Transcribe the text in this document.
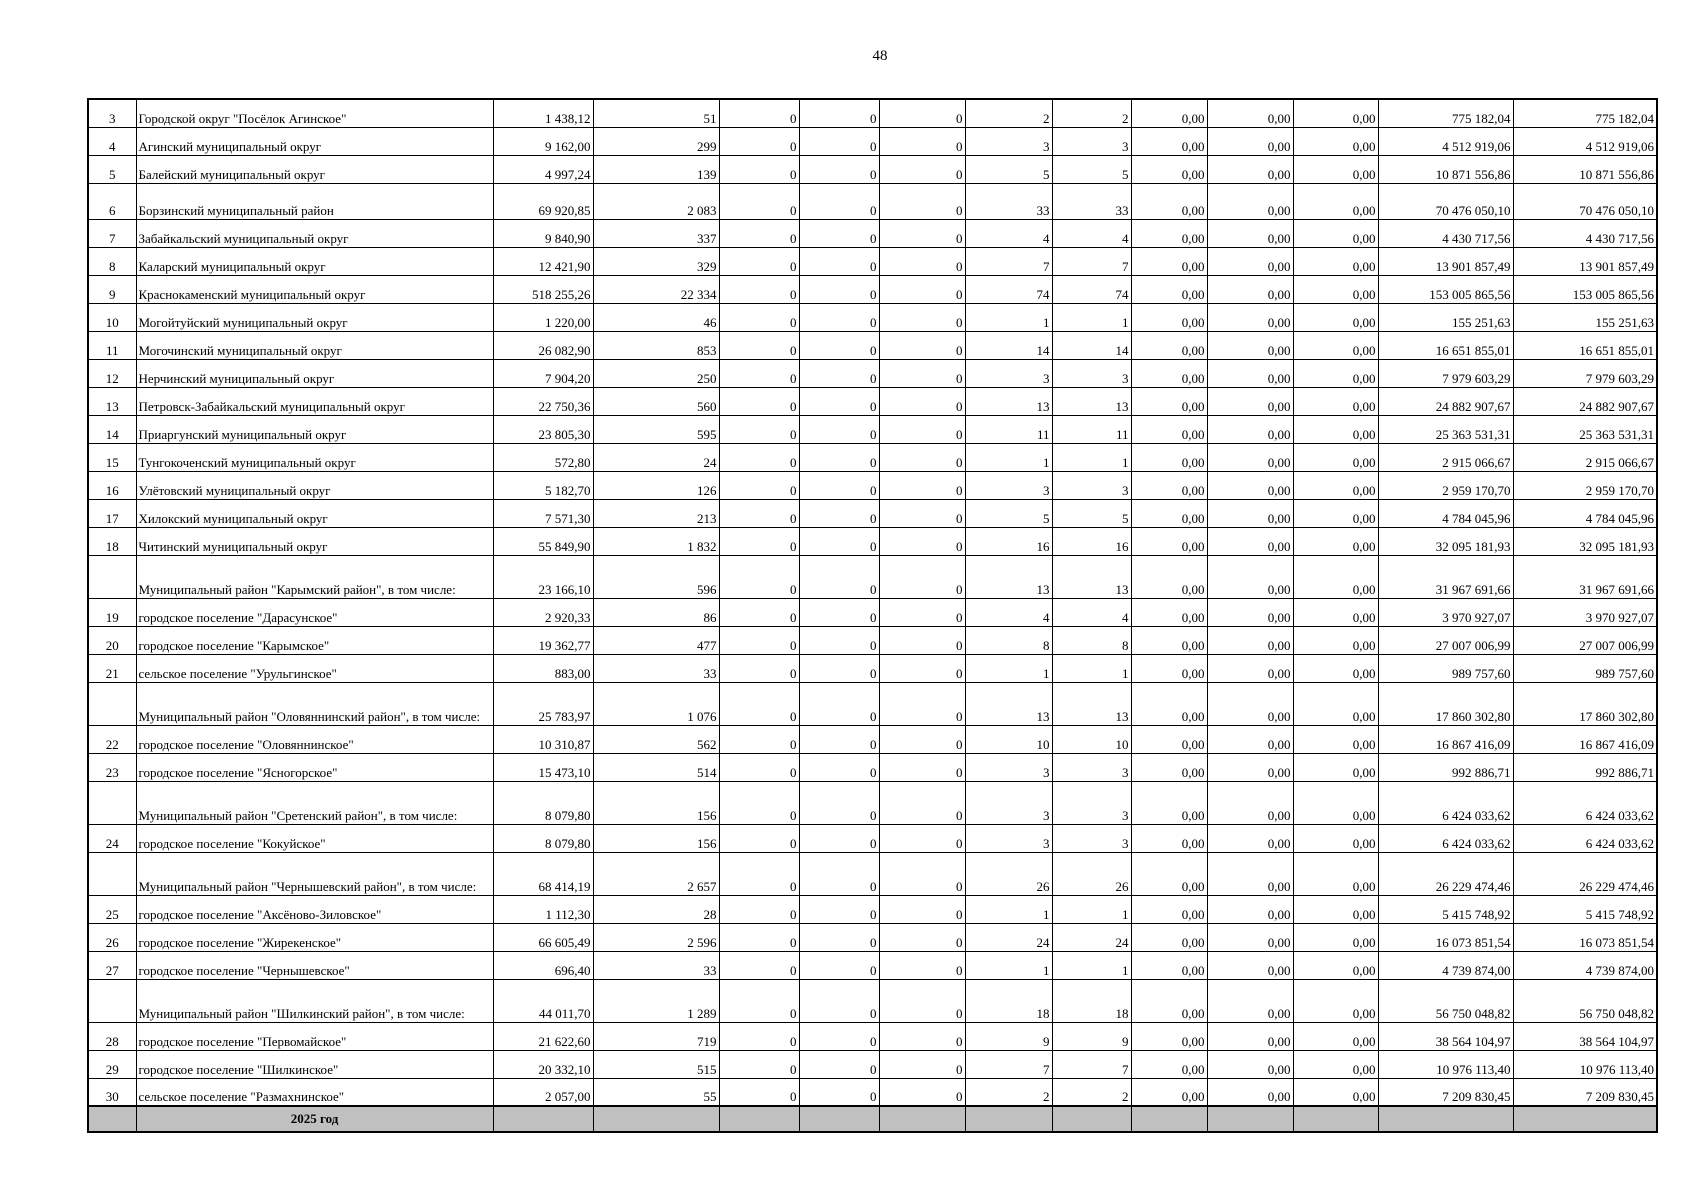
48
3	Городской округ "Посёлок Агинское"	1 438,12	51	0	0	0	2	2	0,00	0,00	0,00	775 182,04	775 182,04
4	Агинский муниципальный округ	9 162,00	299	0	0	0	3	3	0,00	0,00	0,00	4 512 919,06	4 512 919,06
5	Балейский муниципальный округ	4 997,24	139	0	0	0	5	5	0,00	0,00	0,00	10 871 556,86	10 871 556,86
6	Борзинский муниципальный район	69 920,85	2 083	0	0	0	33	33	0,00	0,00	0,00	70 476 050,10	70 476 050,10
7	Забайкальский муниципальный округ	9 840,90	337	0	0	0	4	4	0,00	0,00	0,00	4 430 717,56	4 430 717,56
8	Каларский муниципальный округ	12 421,90	329	0	0	0	7	7	0,00	0,00	0,00	13 901 857,49	13 901 857,49
9	Краснокаменский муниципальный округ	518 255,26	22 334	0	0	0	74	74	0,00	0,00	0,00	153 005 865,56	153 005 865,56
10	Могойтуйский муниципальный округ	1 220,00	46	0	0	0	1	1	0,00	0,00	0,00	155 251,63	155 251,63
11	Могочинский муниципальный округ	26 082,90	853	0	0	0	14	14	0,00	0,00	0,00	16 651 855,01	16 651 855,01
12	Нерчинский муниципальный округ	7 904,20	250	0	0	0	3	3	0,00	0,00	0,00	7 979 603,29	7 979 603,29
13	Петровск-Забайкальский муниципальный округ	22 750,36	560	0	0	0	13	13	0,00	0,00	0,00	24 882 907,67	24 882 907,67
14	Приаргунский муниципальный округ	23 805,30	595	0	0	0	11	11	0,00	0,00	0,00	25 363 531,31	25 363 531,31
15	Тунгокоченский муниципальный округ	572,80	24	0	0	0	1	1	0,00	0,00	0,00	2 915 066,67	2 915 066,67
16	Улётовский муниципальный округ	5 182,70	126	0	0	0	3	3	0,00	0,00	0,00	2 959 170,70	2 959 170,70
17	Хилокский муниципальный округ	7 571,30	213	0	0	0	5	5	0,00	0,00	0,00	4 784 045,96	4 784 045,96
18	Читинский муниципальный округ	55 849,90	1 832	0	0	0	16	16	0,00	0,00	0,00	32 095 181,93	32 095 181,93
	Муниципальный район "Карымский район", в том числе:	23 166,10	596	0	0	0	13	13	0,00	0,00	0,00	31 967 691,66	31 967 691,66
19	городское поселение "Дарасунское"	2 920,33	86	0	0	0	4	4	0,00	0,00	0,00	3 970 927,07	3 970 927,07
20	городское поселение "Карымское"	19 362,77	477	0	0	0	8	8	0,00	0,00	0,00	27 007 006,99	27 007 006,99
21	сельское поселение "Урульгинское"	883,00	33	0	0	0	1	1	0,00	0,00	0,00	989 757,60	989 757,60
	Муниципальный район "Оловяннинский район", в том числе:	25 783,97	1 076	0	0	0	13	13	0,00	0,00	0,00	17 860 302,80	17 860 302,80
22	городское поселение "Оловяннинское"	10 310,87	562	0	0	0	10	10	0,00	0,00	0,00	16 867 416,09	16 867 416,09
23	городское поселение "Ясногорское"	15 473,10	514	0	0	0	3	3	0,00	0,00	0,00	992 886,71	992 886,71
	Муниципальный район "Сретенский район", в том числе:	8 079,80	156	0	0	0	3	3	0,00	0,00	0,00	6 424 033,62	6 424 033,62
24	городское поселение "Кокуйское"	8 079,80	156	0	0	0	3	3	0,00	0,00	0,00	6 424 033,62	6 424 033,62
	Муниципальный район "Чернышевский район", в том числе:	68 414,19	2 657	0	0	0	26	26	0,00	0,00	0,00	26 229 474,46	26 229 474,46
25	городское поселение "Аксёново-Зиловское"	1 112,30	28	0	0	0	1	1	0,00	0,00	0,00	5 415 748,92	5 415 748,92
26	городское поселение "Жирекенское"	66 605,49	2 596	0	0	0	24	24	0,00	0,00	0,00	16 073 851,54	16 073 851,54
27	городское поселение "Чернышевское"	696,40	33	0	0	0	1	1	0,00	0,00	0,00	4 739 874,00	4 739 874,00
	Муниципальный район "Шилкинский район", в том числе:	44 011,70	1 289	0	0	0	18	18	0,00	0,00	0,00	56 750 048,82	56 750 048,82
28	городское поселение "Первомайское"	21 622,60	719	0	0	0	9	9	0,00	0,00	0,00	38 564 104,97	38 564 104,97
29	городское поселение "Шилкинское"	20 332,10	515	0	0	0	7	7	0,00	0,00	0,00	10 976 113,40	10 976 113,40
30	сельское поселение "Размахнинское"	2 057,00	55	0	0	0	2	2	0,00	0,00	0,00	7 209 830,45	7 209 830,45
	2025 год												
